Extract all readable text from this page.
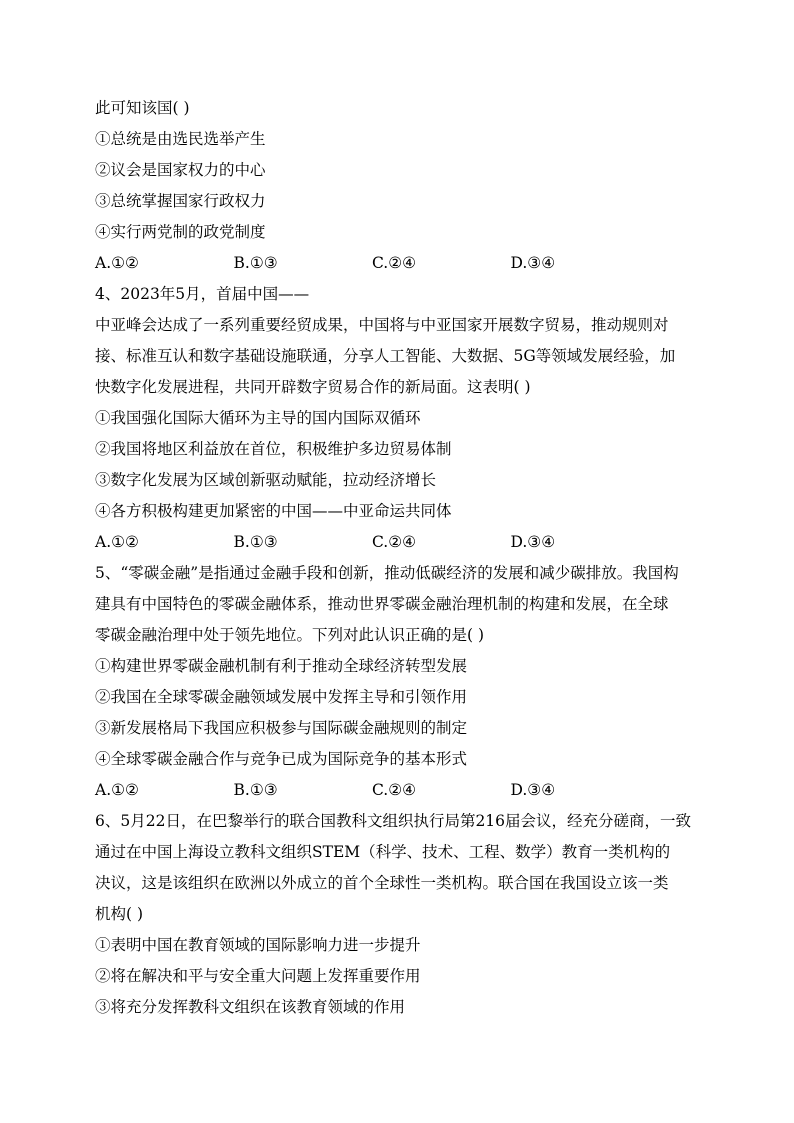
此可知该国( )
①总统是由选民选举产生
②议会是国家权力的中心
③总统掌握国家行政权力
④实行两党制的政党制度
A.①②	B.①③	C.②④	D.③④
4、2023年5月，首届中国——
中亚峰会达成了一系列重要经贸成果，中国将与中亚国家开展数字贸易，推动规则对
接、标准互认和数字基础设施联通，分享人工智能、大数据、5G等领域发展经验，加
快数字化发展进程，共同开辟数字贸易合作的新局面。这表明( )
①我国强化国际大循环为主导的国内国际双循环
②我国将地区利益放在首位，积极维护多边贸易体制
③数字化发展为区域创新驱动赋能，拉动经济增长
④各方积极构建更加紧密的中国——中亚命运共同体
A.①②	B.①③	C.②④	D.③④
5、“零碳金融”是指通过金融手段和创新，推动低碳经济的发展和减少碳排放。我国构
建具有中国特色的零碳金融体系，推动世界零碳金融治理机制的构建和发展，在全球
零碳金融治理中处于领先地位。下列对此认识正确的是( )
①构建世界零碳金融机制有利于推动全球经济转型发展
②我国在全球零碳金融领域发展中发挥主导和引领作用
③新发展格局下我国应积极参与国际碳金融规则的制定
④全球零碳金融合作与竞争已成为国际竞争的基本形式
A.①②	B.①③	C.②④	D.③④
6、5月22日，在巴黎举行的联合国教科文组织执行局第216届会议，经充分磋商，一致
通过在中国上海设立教科文组织STEM（科学、技术、工程、数学）教育一类机构的
决议，这是该组织在欧洲以外成立的首个全球性一类机构。联合国在我国设立该一类
机构( )
①表明中国在教育领域的国际影响力进一步提升
②将在解决和平与安全重大问题上发挥重要作用
③将充分发挥教科文组织在该教育领域的作用
